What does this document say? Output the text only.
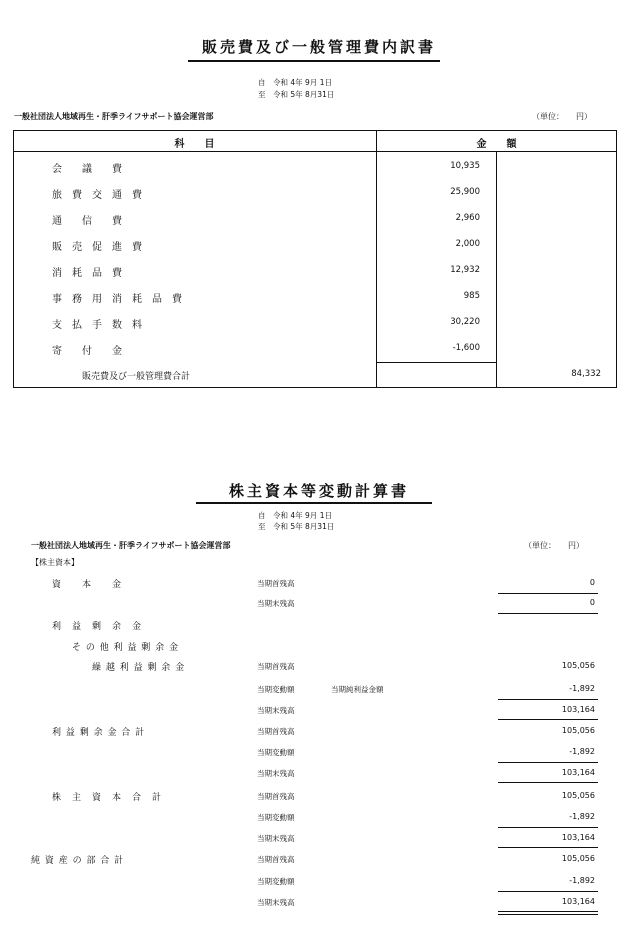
販売費及び一般管理費内訳書
自　令和 4年 9月 1日
至　令和 5年 8月31日
一般社団法人地域再生・肝季ライフサポート協会運営部	（単位：　　円）
科　　目	金　　額
会　　議　　費	10,935
旅　費　交　通　費	25,900
通　　信　　費	2,960
販　売　促　進　費	2,000
消　耗　品　費	12,932
事　務　用　消　耗　品　費	985
支　払　手　数　料	30,220
寄　　付　　金	-1,600
販売費及び一般管理費合計	84,332
株主資本等変動計算書
自　令和 4年 9月 1日
至　令和 5年 8月31日
一般社団法人地域再生・肝季ライフサポート協会運営部	（単位：　　円）
【株主資本】
資　　本　　金	当期首残高	0
当期末残高	0
利　益　剰　余　金
そ の 他 利 益 剰 余 金
繰 越 利 益 剰 余 金	当期首残高	105,056
当期変動額	当期純利益金額	-1,892
当期末残高	103,164
利 益 剰 余 金 合 計	当期首残高	105,056
当期変動額	-1,892
当期末残高	103,164
株　主　資　本　合　計	当期首残高	105,056
当期変動額	-1,892
当期末残高	103,164
純 資 産 の 部 合 計	当期首残高	105,056
当期変動額	-1,892
当期末残高	103,164
